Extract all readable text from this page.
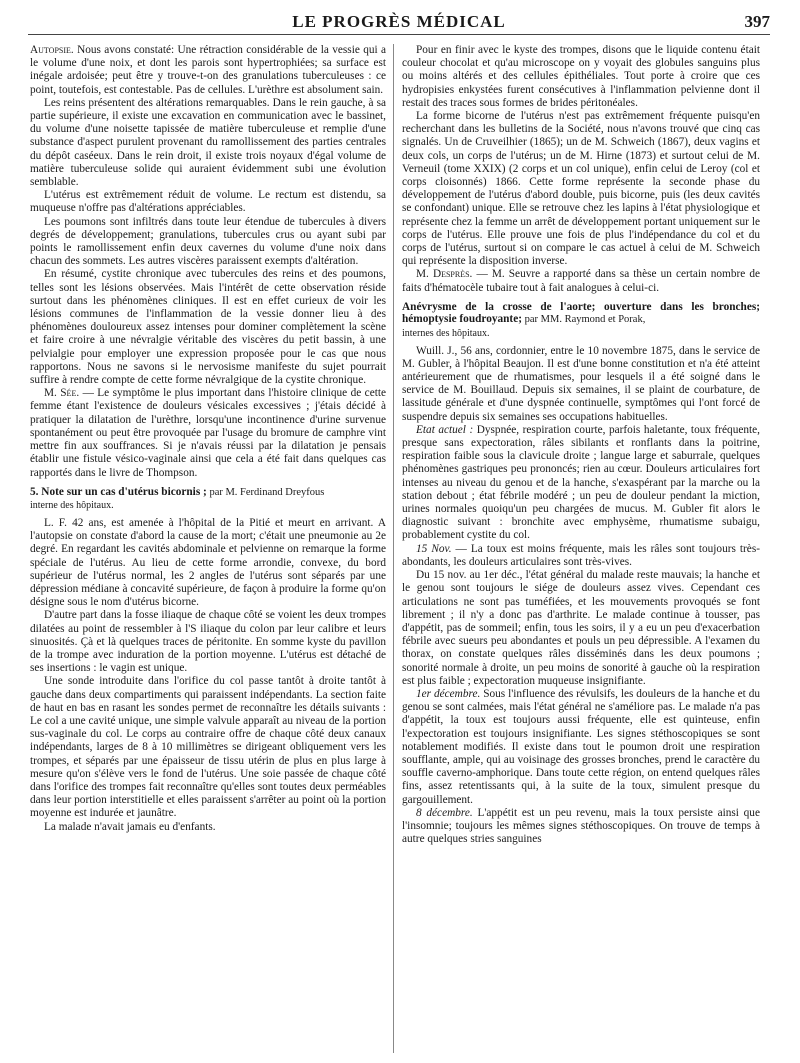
LE PROGRÈS MÉDICAL	397

Autopsie. Nous avons constaté: Une rétraction considérable de la vessie qui a le volume d'une noix, et dont les parois sont hypertrophiées; sa surface est inégale ardoisée; peut être y trouve-t-on des granulations tuberculeuses : ce point, toutefois, est contestable. Pas de cellules. L'urèthre est absolument sain.

Les reins présentent des altérations remarquables. Dans le rein gauche, à sa partie supérieure, il existe une excavation en communication avec le bassinet, du volume d'une noisette tapissée de matière tuberculeuse et remplie d'une substance d'aspect purulent provenant du ramollissement des parties centrales du dépôt caséeux. Dans le rein droit, il existe trois noyaux d'égal volume de matière tuberculeuse solide qui auraient évidemment subi une évolution semblable.

L'utérus est extrêmement réduit de volume. Le rectum est distendu, sa muqueuse n'offre pas d'altérations appréciables.

Les poumons sont infiltrés dans toute leur étendue de tubercules à divers degrés de développement; granulations, tubercules crus ou ayant subi par points le ramollissement enfin deux cavernes du volume d'une noix dans chacun des sommets. Les autres viscères paraissent exempts d'altération.

En résumé, cystite chronique avec tubercules des reins et des poumons, telles sont les lésions observées. Mais l'intérêt de cette observation réside surtout dans les phénomènes cliniques. Il est en effet curieux de voir les lésions communes de l'inflammation de la vessie donner lieu à des phénomènes douloureux assez intenses pour dominer complètement la scène et faire croire à une névralgie véritable des viscères du petit bassin, à une pelvialgie pour employer une expression proposée pour le cas que nous rapportons. Nous ne savons si le nervosisme manifeste du sujet pourrait suffire à rendre compte de cette forme névralgique de la cystite chronique.

M. Sée. — Le symptôme le plus important dans l'histoire clinique de cette femme étant l'existence de douleurs vésicales excessives ; j'étais décidé à pratiquer la dilatation de l'urèthre, lorsqu'une incontinence d'urine survenue spontanément ou peut être provoquée par l'usage du bromure de camphre vint mettre fin aux souffrances. Si je n'avais réussi par la dilatation je pensais établir une fistule vésico-vaginale ainsi que cela a été fait dans quelques cas rapportés dans le livre de Thompson.

5. Note sur un cas d'utérus bicornis ; par M. Ferdinand Dreyfous
interne des hôpitaux.

L. F. 42 ans, est amenée à l'hôpital de la Pitié et meurt en arrivant. A l'autopsie on constate d'abord la cause de la mort; c'était une pneumonie au 2e degré. En regardant les cavités abdominale et pelvienne on remarque la forme spéciale de l'utérus. Au lieu de cette forme arrondie, convexe, du bord supérieur de l'utérus normal, les 2 angles de l'utérus sont séparés par une dépression médiane à concavité supérieure, de façon à produire la forme qu'on désigne sous le nom d'utérus bicorne.

D'autre part dans la fosse iliaque de chaque côté se voient les deux trompes dilatées au point de ressembler à l'S iliaque du colon par leur calibre et leurs sinuosités. Çà et là quelques traces de péritonite. En somme kyste du pavillon de la trompe avec induration de la portion moyenne. L'utérus est détaché de ses insertions : le vagin est unique.

Une sonde introduite dans l'orifice du col passe tantôt à droite tantôt à gauche dans deux compartiments qui paraissent indépendants. La section faite de haut en bas en rasant les sondes permet de reconnaître les détails suivants : Le col a une cavité unique, une simple valvule apparaît au niveau de la portion sus-vaginale du col. Le corps au contraire offre de chaque côté deux canaux indépendants, larges de 8 à 10 millimètres se dirigeant obliquement vers les trompes, et séparés par une épaisseur de tissu utérin de plus en plus large à mesure qu'on s'élève vers le fond de l'utérus. Une soie passée de chaque côté dans l'orifice des trompes fait reconnaître qu'elles sont toutes deux perméables dans leur portion interstitielle et elles paraissent s'arrêter au point où la portion moyenne est indurée et jaunâtre.

La malade n'avait jamais eu d'enfants.

Pour en finir avec le kyste des trompes, disons que le liquide contenu était couleur chocolat et qu'au microscope on y voyait des globules sanguins plus ou moins altérés et des cellules épithéliales. Tout porte à croire que ces hydropisies enkystées furent consécutives à l'inflammation pelvienne dont il restait des traces sous formes de brides péritonéales.

La forme bicorne de l'utérus n'est pas extrêmement fréquente puisqu'en recherchant dans les bulletins de la Société, nous n'avons trouvé que cinq cas signalés. Un de Cruveilhier (1865); un de M. Schweich (1867), deux vagins et deux cols, un corps de l'utérus; un de M. Hirne (1873) et surtout celui de M. Verneuil (tome XXIX) (2 corps et un col unique), enfin celui de Leroy (col et corps cloisonnés) 1866. Cette forme représente la seconde phase du développement de l'utérus d'abord double, puis bicorne, puis (les deux cavités se confondant) unique. Elle se retrouve chez les lapins à l'état physiologique et représente chez la femme un arrêt de développement portant uniquement sur le corps de l'utérus. Elle prouve une fois de plus l'indépendance du col et du corps de l'utérus, surtout si on compare le cas actuel à celui de M. Schweich qui représente la disposition inverse.

M. Desprès. — M. Seuvre a rapporté dans sa thèse un certain nombre de faits d'hématocèle tubaire tout à fait analogues à celui-ci.

Anévrysme de la crosse de l'aorte; ouverture dans les bronches; hémoptysie foudroyante; par MM. Raymond et Porak,
internes des hôpitaux.

Wuill. J., 56 ans, cordonnier, entre le 10 novembre 1875, dans le service de M. Gubler, à l'hôpital Beaujon. Il est d'une bonne constitution et n'a été atteint antérieurement que de rhumatismes, pour lesquels il a été soigné dans le service de M. Bouillaud. Depuis six semaines, il se plaint de courbature, de lassitude générale et d'une dyspnée continuelle, symptômes qui l'ont forcé de suspendre depuis six semaines ses occupations habituelles.

Etat actuel : Dyspnée, respiration courte, parfois haletante, toux fréquente, presque sans expectoration, râles sibilants et ronflants dans la poitrine, respiration faible sous la clavicule droite ; langue large et saburrale, quelques phénomènes gastriques peu prononcés; rien au cœur. Douleurs articulaires fort intenses au niveau du genou et de la hanche, s'exaspérant par la marche ou la station debout ; état fébrile modéré ; un peu de douleur pendant la miction, urines normales quoiqu'un peu chargées de mucus. M. Gubler fit alors le diagnostic suivant : bronchite avec emphysème, rhumatisme subaigu, probablement cystite du col.

15 Nov. — La toux est moins fréquente, mais les râles sont toujours très-abondants, les douleurs articulaires sont très-vives.

Du 15 nov. au 1er déc., l'état général du malade reste mauvais; la hanche et le genou sont toujours le siége de douleurs assez vives. Cependant ces articulations ne sont pas tuméfiées, et les mouvements provoqués se font librement ; il n'y a donc pas d'arthrite. Le malade continue à tousser, pas d'appétit, pas de sommeil; enfin, tous les soirs, il y a eu un peu d'exacerbation fébrile avec sueurs peu abondantes et pouls un peu dépressible. A l'examen du thorax, on constate quelques râles disséminés dans les deux poumons ; sonorité normale à droite, un peu moins de sonorité à gauche où la respiration est plus faible ; expectoration muqueuse insignifiante.

1er décembre. Sous l'influence des révulsifs, les douleurs de la hanche et du genou se sont calmées, mais l'état général ne s'améliore pas. Le malade n'a pas d'appétit, la toux est toujours aussi fréquente, elle est quinteuse, enfin l'expectoration est toujours insignifiante. Les signes stéthoscopiques se sont notablement modifiés. Il existe dans tout le poumon droit une respiration soufflante, ample, qui au voisinage des grosses bronches, prend le caractère du souffle caverno-amphorique. Dans toute cette région, on entend quelques râles fins, assez retentissants qui, à la suite de la toux, simulent presque du gargouillement.

8 décembre. L'appétit est un peu revenu, mais la toux persiste ainsi que l'insomnie; toujours les mêmes signes stéthoscopiques. On trouve de temps à autre quelques stries sanguines
